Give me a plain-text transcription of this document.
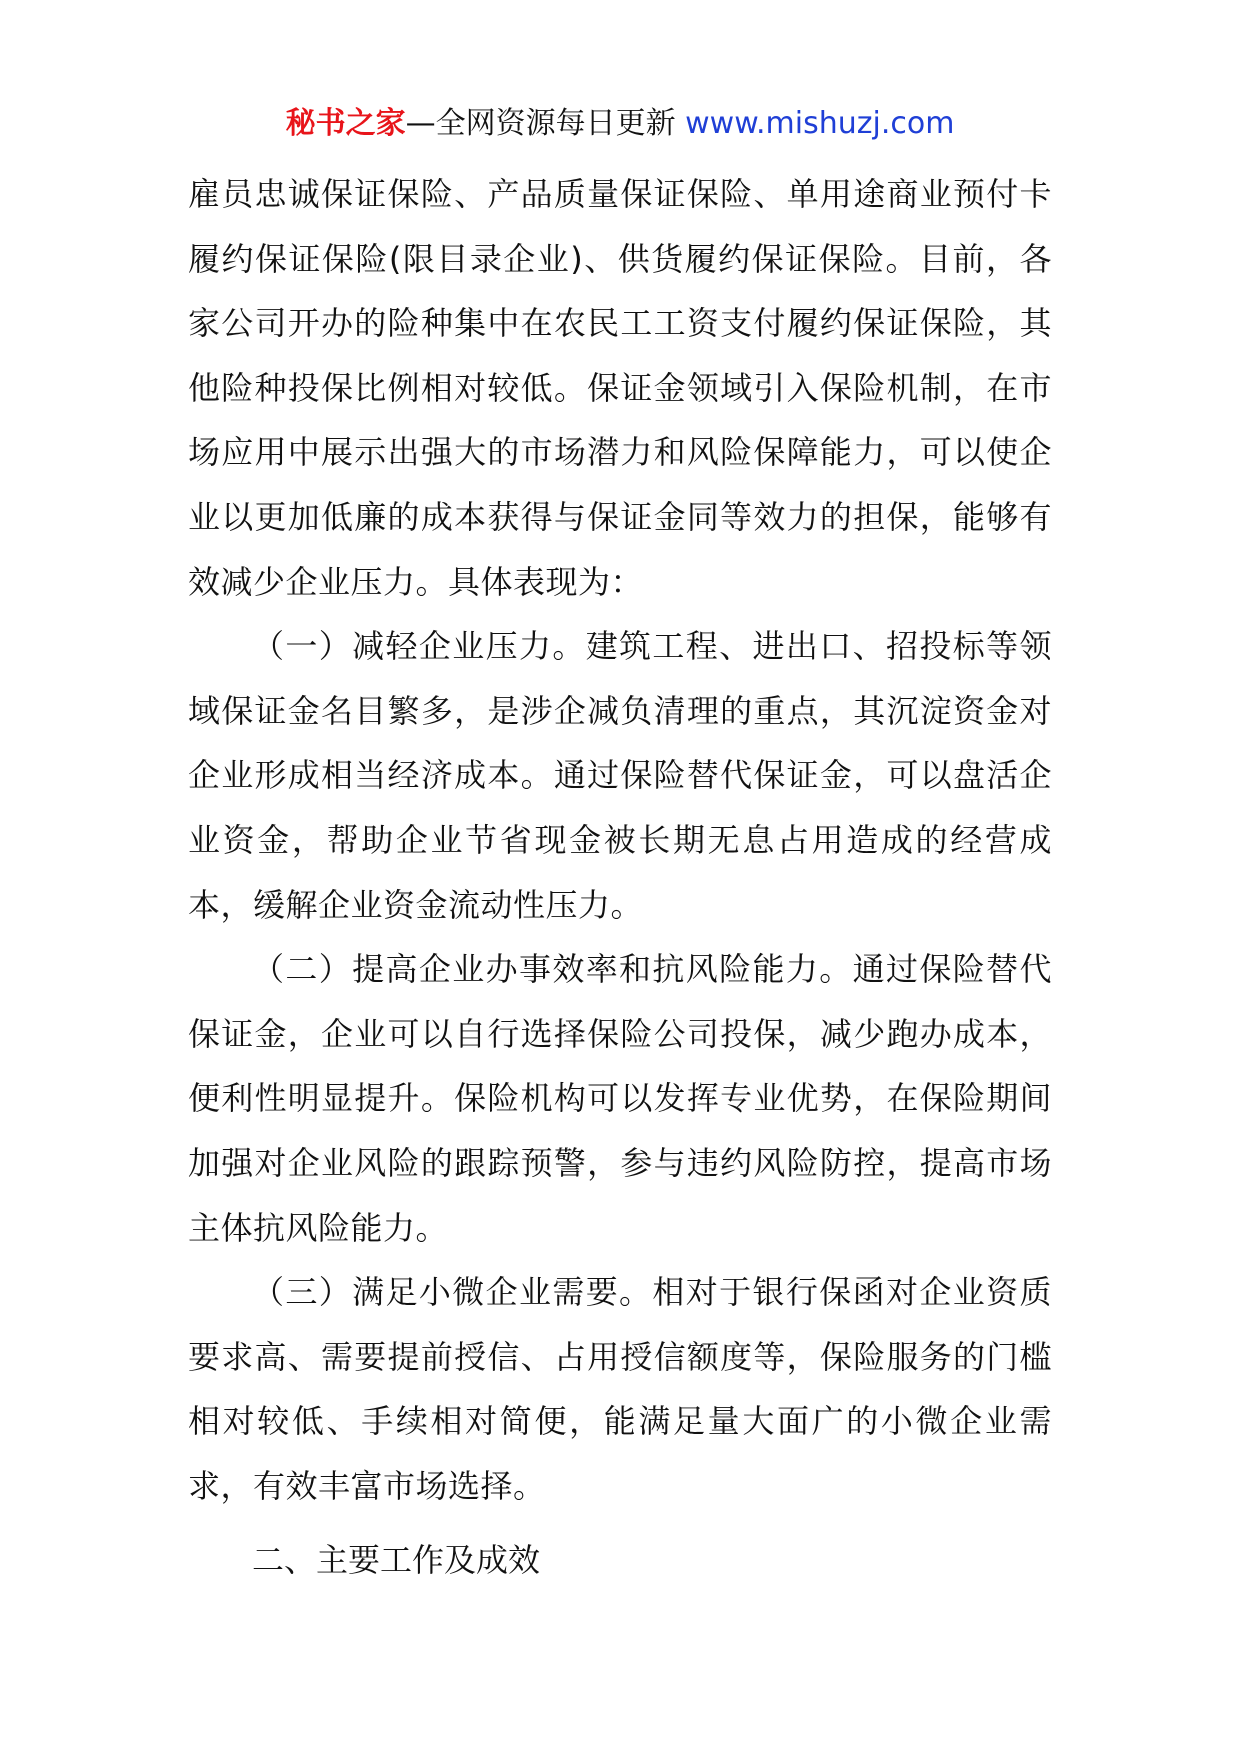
秘书之家—全网资源每日更新 www.mishuzj.com

雇员忠诚保证保险、产品质量保证保险、单用途商业预付卡履约保证保险(限目录企业)、供货履约保证保险。目前，各家公司开办的险种集中在农民工工资支付履约保证保险，其他险种投保比例相对较低。保证金领域引入保险机制，在市场应用中展示出强大的市场潜力和风险保障能力，可以使企业以更加低廉的成本获得与保证金同等效力的担保，能够有效减少企业压力。具体表现为：

（一）减轻企业压力。建筑工程、进出口、招投标等领域保证金名目繁多，是涉企减负清理的重点，其沉淀资金对企业形成相当经济成本。通过保险替代保证金，可以盘活企业资金，帮助企业节省现金被长期无息占用造成的经营成本，缓解企业资金流动性压力。

（二）提高企业办事效率和抗风险能力。通过保险替代保证金，企业可以自行选择保险公司投保，减少跑办成本，便利性明显提升。保险机构可以发挥专业优势，在保险期间加强对企业风险的跟踪预警，参与违约风险防控，提高市场主体抗风险能力。

（三）满足小微企业需要。相对于银行保函对企业资质要求高、需要提前授信、占用授信额度等，保险服务的门槛相对较低、手续相对简便，能满足量大面广的小微企业需求，有效丰富市场选择。

二、主要工作及成效
